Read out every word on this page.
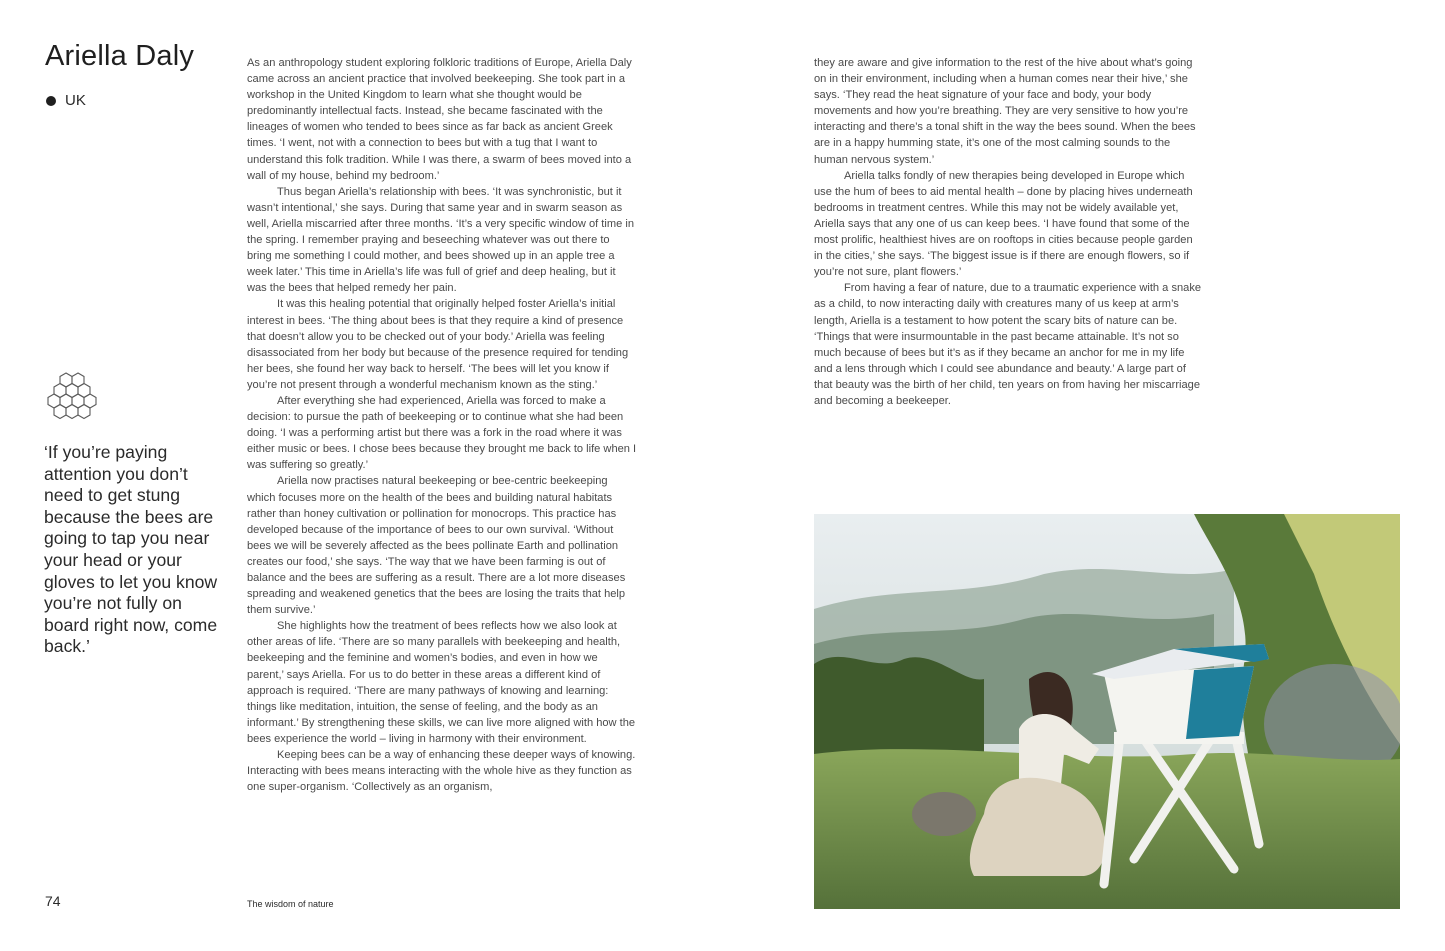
Ariella Daly
UK

‘If you’re paying attention you don’t need to get stung because the bees are going to tap you near your head or your gloves to let you know you’re not fully on board right now, come back.’

As an anthropology student exploring folkloric traditions of Europe, Ariella Daly came across an ancient practice that involved beekeeping. She took part in a workshop in the United Kingdom to learn what she thought would be predominantly intellectual facts. Instead, she became fascinated with the lineages of women who tended to bees since as far back as ancient Greek times. ‘I went, not with a connection to bees but with a tug that I want to understand this folk tradition. While I was there, a swarm of bees moved into a wall of my house, behind my bedroom.’

Thus began Ariella’s relationship with bees. ‘It was synchronistic, but it wasn’t intentional,’ she says. During that same year and in swarm season as well, Ariella miscarried after three months. ‘It’s a very specific window of time in the spring. I remember praying and beseeching whatever was out there to bring me something I could mother, and bees showed up in an apple tree a week later.’ This time in Ariella’s life was full of grief and deep healing, but it was the bees that helped remedy her pain.

It was this healing potential that originally helped foster Ariella’s initial interest in bees. ‘The thing about bees is that they require a kind of presence that doesn’t allow you to be checked out of your body.’ Ariella was feeling disassociated from her body but because of the presence required for tending her bees, she found her way back to herself. ‘The bees will let you know if you’re not present through a wonderful mechanism known as the sting.’

After everything she had experienced, Ariella was forced to make a decision: to pursue the path of beekeeping or to continue what she had been doing. ‘I was a performing artist but there was a fork in the road where it was either music or bees. I chose bees because they brought me back to life when I was suffering so greatly.’

Ariella now practises natural beekeeping or bee-centric beekeeping which focuses more on the health of the bees and building natural habitats rather than honey cultivation or pollination for monocrops. This practice has developed because of the importance of bees to our own survival. ‘Without bees we will be severely affected as the bees pollinate Earth and pollination creates our food,’ she says. ‘The way that we have been farming is out of balance and the bees are suffering as a result. There are a lot more diseases spreading and weakened genetics that the bees are losing the traits that help them survive.’

She highlights how the treatment of bees reflects how we also look at other areas of life. ‘There are so many parallels with beekeeping and health, beekeeping and the feminine and women’s bodies, and even in how we parent,’ says Ariella. For us to do better in these areas a different kind of approach is required. ‘There are many pathways of knowing and learning: things like meditation, intuition, the sense of feeling, and the body as an informant.’ By strengthening these skills, we can live more aligned with how the bees experience the world – living in harmony with their environment.

Keeping bees can be a way of enhancing these deeper ways of knowing. Interacting with bees means interacting with the whole hive as they function as one super-organism. ‘Collectively as an organism,

they are aware and give information to the rest of the hive about what’s going on in their environment, including when a human comes near their hive,’ she says. ‘They read the heat signature of your face and body, your body movements and how you’re breathing. They are very sensitive to how you’re interacting and there’s a tonal shift in the way the bees sound. When the bees are in a happy humming state, it’s one of the most calming sounds to the human nervous system.’

Ariella talks fondly of new therapies being developed in Europe which use the hum of bees to aid mental health – done by placing hives underneath bedrooms in treatment centres. While this may not be widely available yet, Ariella says that any one of us can keep bees. ‘I have found that some of the most prolific, healthiest hives are on rooftops in cities because people garden in the cities,’ she says. ‘The biggest issue is if there are enough flowers, so if you’re not sure, plant flowers.’

From having a fear of nature, due to a traumatic experience with a snake as a child, to now interacting daily with creatures many of us keep at arm’s length, Ariella is a testament to how potent the scary bits of nature can be. ‘Things that were insurmountable in the past became attainable. It’s not so much because of bees but it’s as if they became an anchor for me in my life and a lens through which I could see abundance and beauty.’ A large part of that beauty was the birth of her child, ten years on from having her miscarriage and becoming a beekeeper.

74	The wisdom of nature
